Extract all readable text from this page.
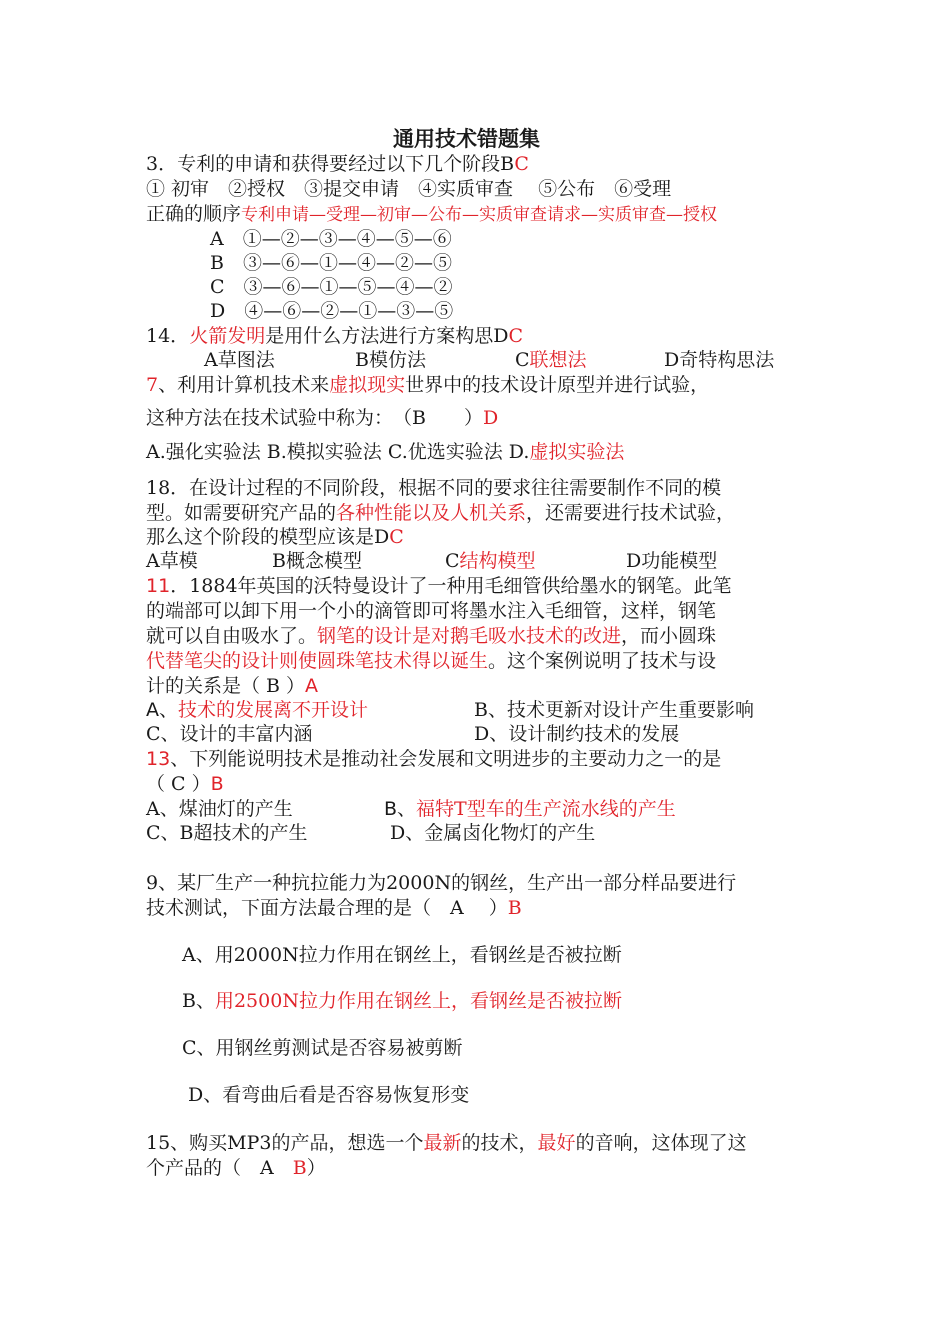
通用技术错题集
3．专利的申请和获得要经过以下几个阶段BC
① 初审　②授权　③提交申请　④实质审查　 ⑤公布　⑥受理
正确的顺序专利申请—受理—初审—公布—实质审查请求—实质审查—授权
A　①—②—③—④—⑤—⑥
B　③—⑥—①—④—②—⑤
C　③—⑥—①—⑤—④—②
D　④—⑥—②—①—③—⑤
14．火箭发明是用什么方法进行方案构思DC
A草图法	B模仿法	C联想法	D奇特构思法
7、利用计算机技术来虚拟现实世界中的技术设计原型并进行试验，
这种方法在技术试验中称为：　（B　　）D
A.强化实验法 B.模拟实验法 C.优选实验法 D.虚拟实验法
18．在设计过程的不同阶段，根据不同的要求往往需要制作不同的模
型。如需要研究产品的各种性能以及人机关系，还需要进行技术试验，
那么这个阶段的模型应该是DC
A草模	B概念模型	C结构模型	D功能模型
11．1884年英国的沃特曼设计了一种用毛细管供给墨水的钢笔。此笔
的端部可以卸下用一个小的滴管即可将墨水注入毛细管，这样，钢笔
就可以自由吸水了。钢笔的设计是对鹅毛吸水技术的改进，而小圆珠
代替笔尖的设计则使圆珠笔技术得以诞生。这个案例说明了技术与设
计的关系是（ B ）A
A、技术的发展离不开设计	B、技术更新对设计产生重要影响
C、设计的丰富内涵	D、设计制约技术的发展
13、下列能说明技术是推动社会发展和文明进步的主要动力之一的是
（ C ）B
A、煤油灯的产生	B、福特T型车的生产流水线的产生
C、B超技术的产生	D、金属卤化物灯的产生
9、某厂生产一种抗拉能力为2000N的钢丝，生产出一部分样品要进行
技术测试，下面方法最合理的是（　A　 ）B
A、用2000N拉力作用在钢丝上，看钢丝是否被拉断
B、用2500N拉力作用在钢丝上，看钢丝是否被拉断
C、用钢丝剪测试是否容易被剪断
D、看弯曲后看是否容易恢复形变
15、购买MP3的产品，想选一个最新的技术，最好的音响，这体现了这
个产品的（　A　B）
